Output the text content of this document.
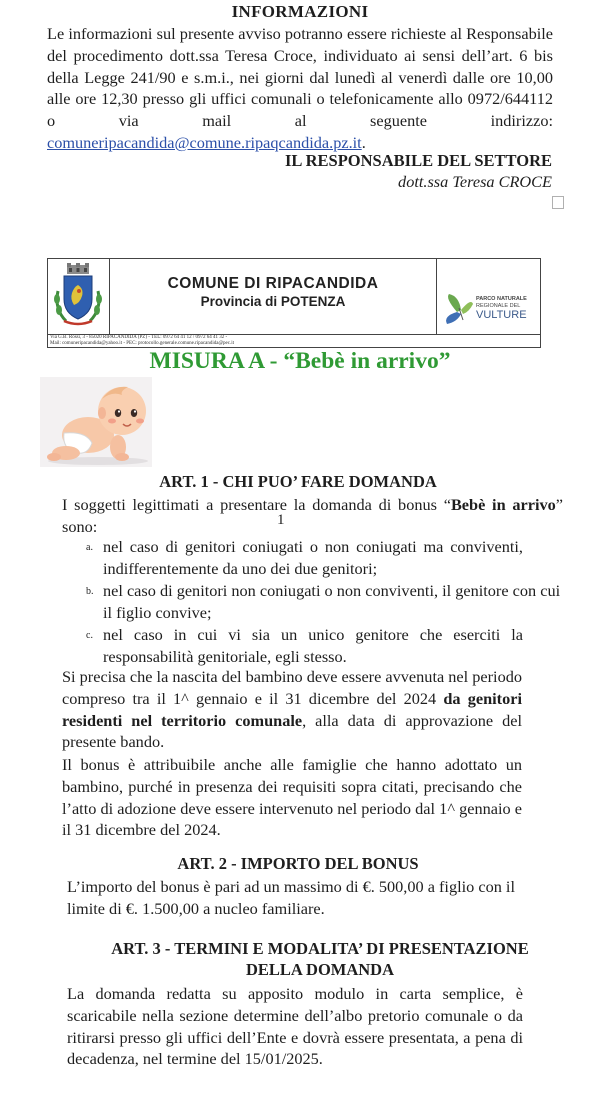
INFORMAZIONI
Le informazioni sul presente avviso potranno essere richieste al Responsabile del procedimento dott.ssa Teresa Croce, individuato ai sensi dell’art. 6 bis della Legge 241/90 e s.m.i., nei giorni dal lunedì al venerdì dalle ore 10,00 alle ore 12,30 presso gli uffici comunali o telefonicamente allo 0972/644112 o via mail al seguente indirizzo: comuneripacandida@comune.ripaqcandida.pz.it.
IL RESPONSABILE DEL SETTORE
dott.ssa Teresa CROCE
COMUNE DI RIPACANDIDA
Provincia di POTENZA	PARCO NATURALE
REGIONALE DEL
VULTURE
Via G.B. Rossi, 3 - 85020 RIPACANDIDA (PZ) - TEL: 0972 64 41 12 / 0972 64 41 32 -
Mail: comuneripacandida@yahoo.it - PEC: protocollo.generale.comune.ripacandida@pec.it
MISURA A - “Bebè in arrivo”
ART. 1 - CHI PUO’ FARE DOMANDA
I soggetti legittimati a presentare la domanda di bonus “Bebè in arrivo” sono:	1
a. nel caso di genitori coniugati o non coniugati ma conviventi, indifferentemente da uno dei due genitori;
b. nel caso di genitori non coniugati o non conviventi, il genitore con cui il figlio convive;
c. nel caso in cui vi sia un unico genitore che eserciti la responsabilità genitoriale, egli stesso.
Si precisa che la nascita del bambino deve essere avvenuta nel periodo compreso tra il 1^ gennaio e il 31 dicembre del 2024 da genitori residenti nel territorio comunale, alla data di approvazione del presente bando.
Il bonus è attribuibile anche alle famiglie che hanno adottato un bambino, purché in presenza dei requisiti sopra citati, precisando che l’atto di adozione deve essere intervenuto nel periodo dal 1^ gennaio e il 31 dicembre del 2024.
ART. 2 - IMPORTO DEL BONUS
L’importo del bonus è pari ad un massimo di €. 500,00 a figlio con il limite di €. 1.500,00 a nucleo familiare.
ART. 3 - TERMINI E MODALITA’ DI PRESENTAZIONE
DELLA DOMANDA
La domanda redatta su apposito modulo in carta semplice, è scaricabile nella sezione determine dell’albo pretorio comunale o da ritirarsi presso gli uffici dell’Ente e dovrà essere presentata, a pena di decadenza, nel termine del 15/01/2025.
